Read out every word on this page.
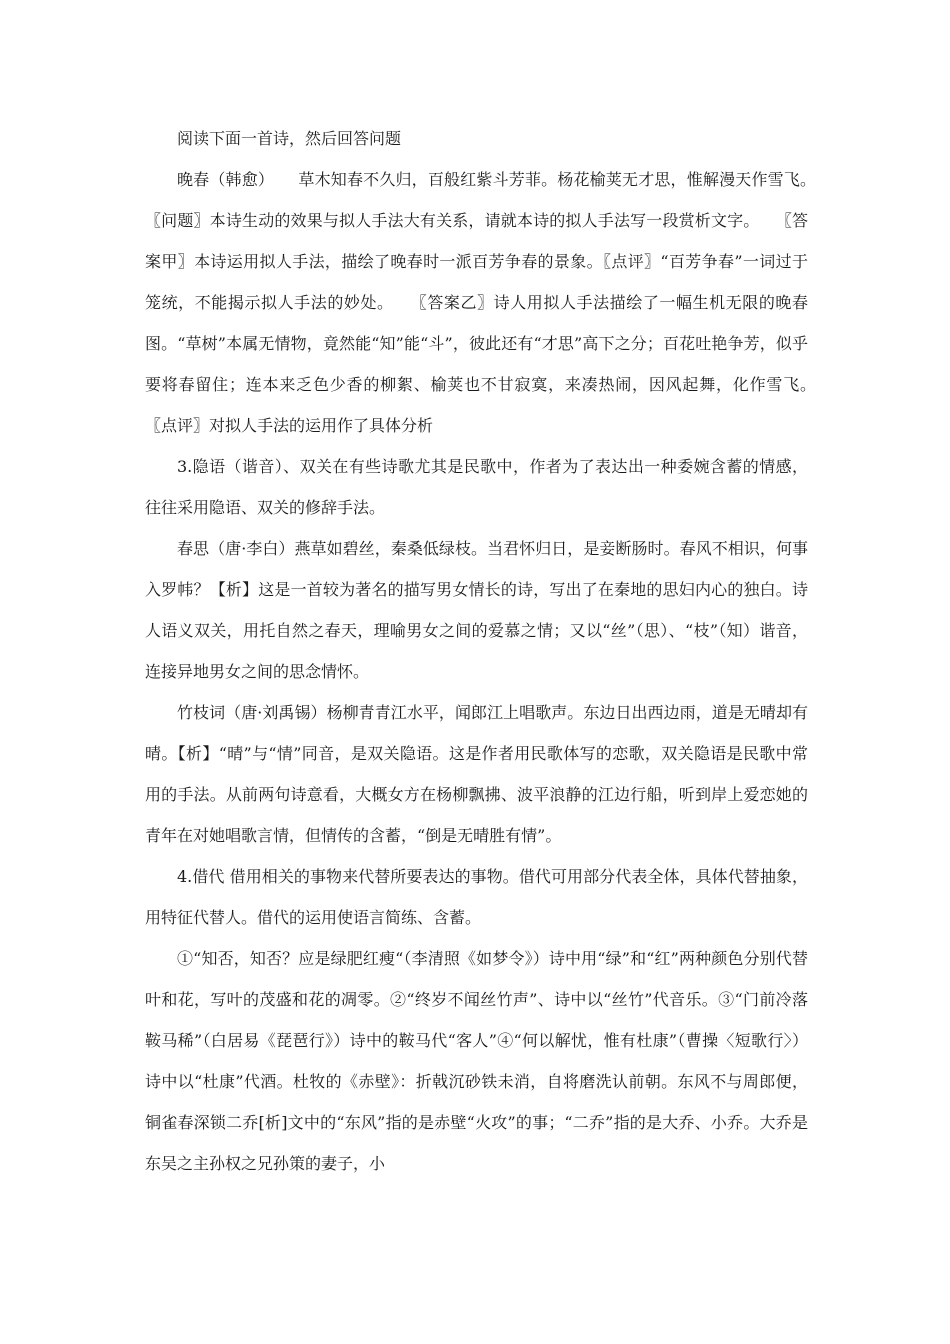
阅读下面一首诗，然后回答问题

晚春（韩愈）　　草木知春不久归，百般红紫斗芳菲。杨花榆荚无才思，惟解漫天作雪飞。　　〖问题〗本诗生动的效果与拟人手法大有关系，请就本诗的拟人手法写一段赏析文字。　　〖答案甲〗本诗运用拟人手法，描绘了晚春时一派百芳争春的景象。〖点评〗“百芳争春”一词过于笼统，不能揭示拟人手法的妙处。　　〖答案乙〗诗人用拟人手法描绘了一幅生机无限的晚春图。“草树”本属无情物，竟然能“知”能“斗”，彼此还有“才思”高下之分；百花吐艳争芳，似乎要将春留住；连本来乏色少香的柳絮、榆荚也不甘寂寞，来凑热闹，因风起舞，化作雪飞。　　〖点评〗对拟人手法的运用作了具体分析

3.隐语（谐音）、双关在有些诗歌尤其是民歌中，作者为了表达出一种委婉含蓄的情感，往往采用隐语、双关的修辞手法。

春思（唐·李白）燕草如碧丝，秦桑低绿枝。当君怀归日，是妾断肠时。春风不相识，何事入罗帏？【析】这是一首较为著名的描写男女情长的诗，写出了在秦地的思妇内心的独白。诗人语义双关，用托自然之春天，理喻男女之间的爱慕之情；又以“丝”（思）、“枝”（知）谐音，连接异地男女之间的思念情怀。

竹枝词（唐·刘禹锡）杨柳青青江水平，闻郎江上唱歌声。东边日出西边雨，道是无晴却有晴。【析】“晴”与“情”同音，是双关隐语。这是作者用民歌体写的恋歌，双关隐语是民歌中常用的手法。从前两句诗意看，大概女方在杨柳飘拂、波平浪静的江边行船，听到岸上爱恋她的青年在对她唱歌言情，但情传的含蓄，“倒是无晴胜有情”。

4.借代 借用相关的事物来代替所要表达的事物。借代可用部分代表全体，具体代替抽象，用特征代替人。借代的运用使语言简练、含蓄。

①“知否，知否？应是绿肥红瘦“（李清照《如梦令》）诗中用“绿”和“红”两种颜色分别代替叶和花，写叶的茂盛和花的凋零。②“终岁不闻丝竹声”、诗中以“丝竹”代音乐。③“门前冷落鞍马稀”（白居易《琵琶行》）诗中的鞍马代“客人”④“何以解忧，惟有杜康”（曹操〈短歌行〉）诗中以“杜康”代酒。杜牧的《赤壁》：折戟沉砂铁未消，自将磨洗认前朝。东风不与周郎便，铜雀春深锁二乔[析]文中的“东风”指的是赤壁“火攻”的事；“二乔”指的是大乔、小乔。大乔是东吴之主孙权之兄孙策的妻子，小
